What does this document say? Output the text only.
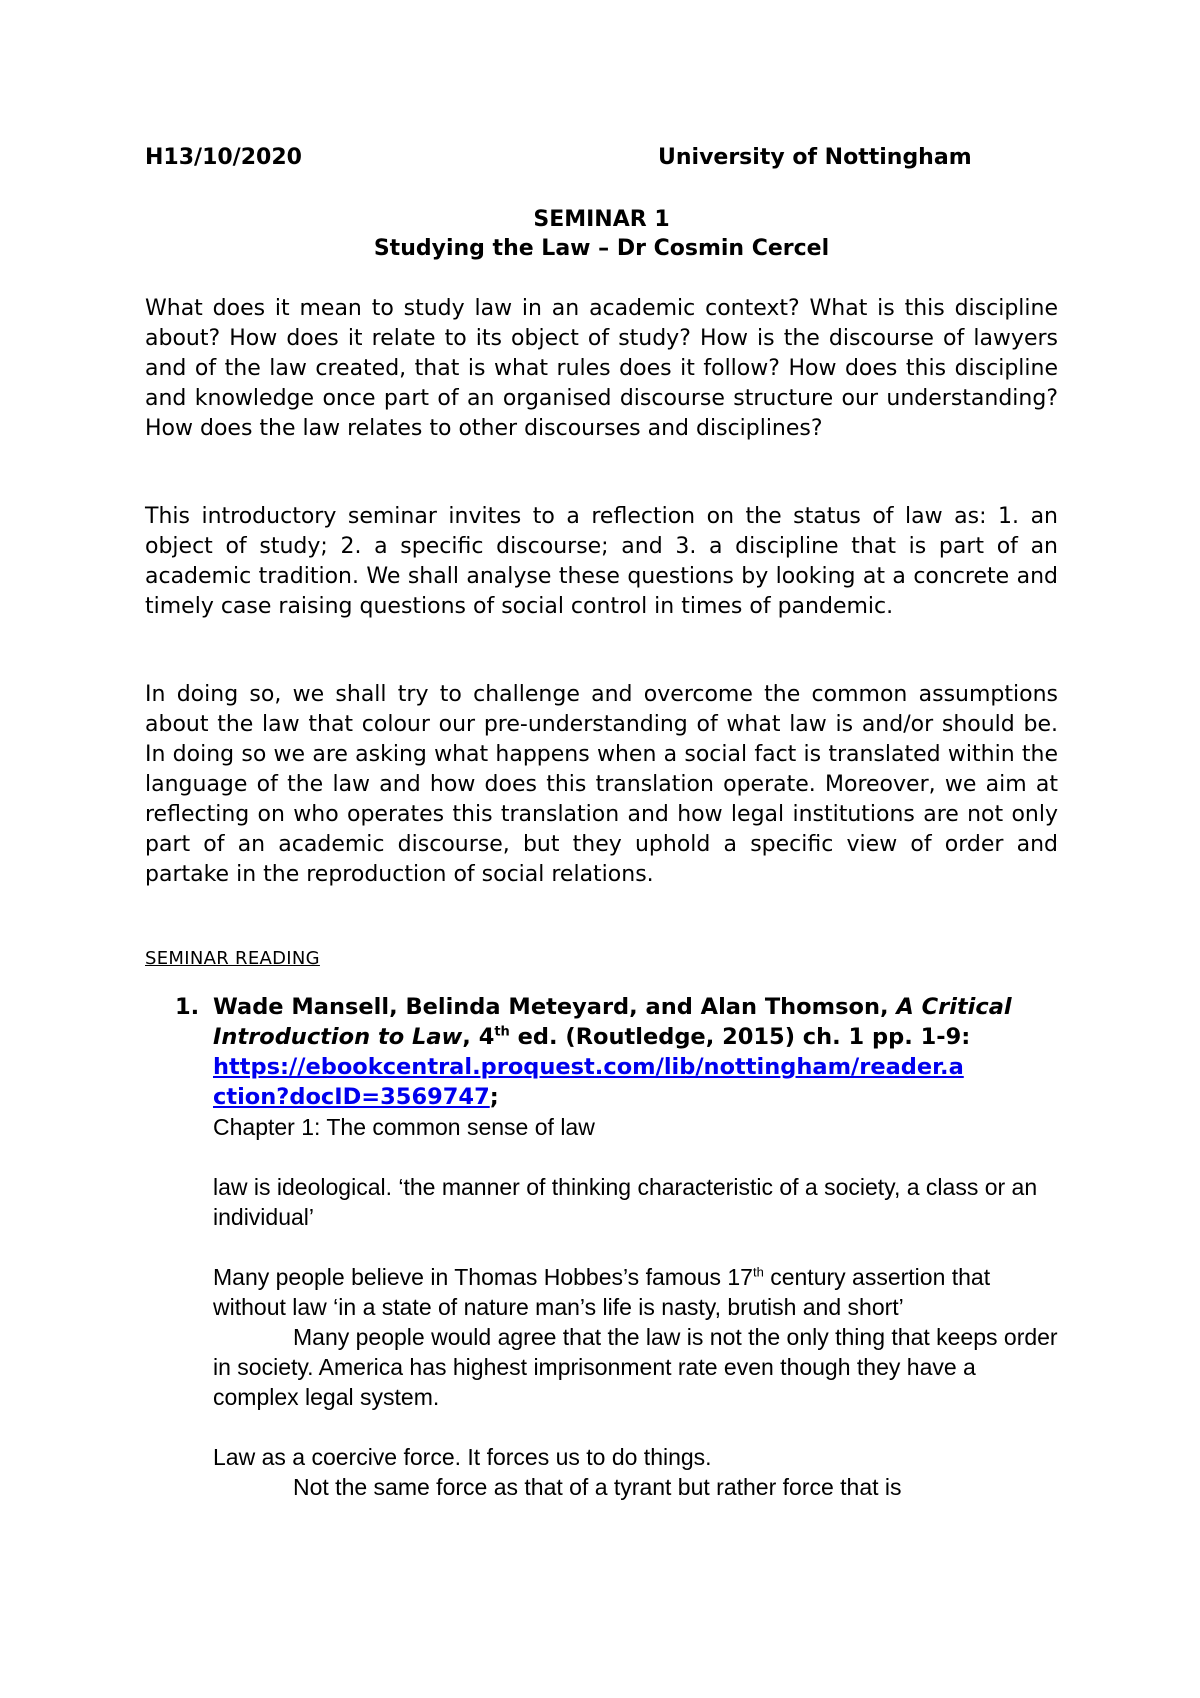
H13/10/2020	University of Nottingham
SEMINAR 1
Studying the Law – Dr Cosmin Cercel

What does it mean to study law in an academic context? What is this discipline about? How does it relate to its object of study? How is the discourse of lawyers and of the law created, that is what rules does it follow? How does this discipline and knowledge once part of an organised discourse structure our understanding? How does the law relates to other discourses and disciplines?

This introductory seminar invites to a reflection on the status of law as: 1. an object of study; 2. a specific discourse; and 3. a discipline that is part of an academic tradition. We shall analyse these questions by looking at a concrete and timely case raising questions of social control in times of pandemic.

In doing so, we shall try to challenge and overcome the common assumptions about the law that colour our pre-understanding of what law is and/or should be. In doing so we are asking what happens when a social fact is translated within the language of the law and how does this translation operate. Moreover, we aim at reflecting on who operates this translation and how legal institutions are not only part of an academic discourse, but they uphold a specific view of order and partake in the reproduction of social relations.

SEMINAR READING
1. Wade Mansell, Belinda Meteyard, and Alan Thomson, A Critical Introduction to Law, 4th ed. (Routledge, 2015) ch. 1 pp. 1-9:
https://ebookcentral.proquest.com/lib/nottingham/reader.a
ction?docID=3569747;

Chapter 1: The common sense of law

law is ideological. ‘the manner of thinking characteristic of a society, a class or an individual’

Many people believe in Thomas Hobbes’s famous 17th century assertion that without law ‘in a state of nature man’s life is nasty, brutish and short’

Many people would agree that the law is not the only thing that keeps order in society. America has highest imprisonment rate even though they have a complex legal system.

Law as a coercive force. It forces us to do things.

Not the same force as that of a tyrant but rather force that is
